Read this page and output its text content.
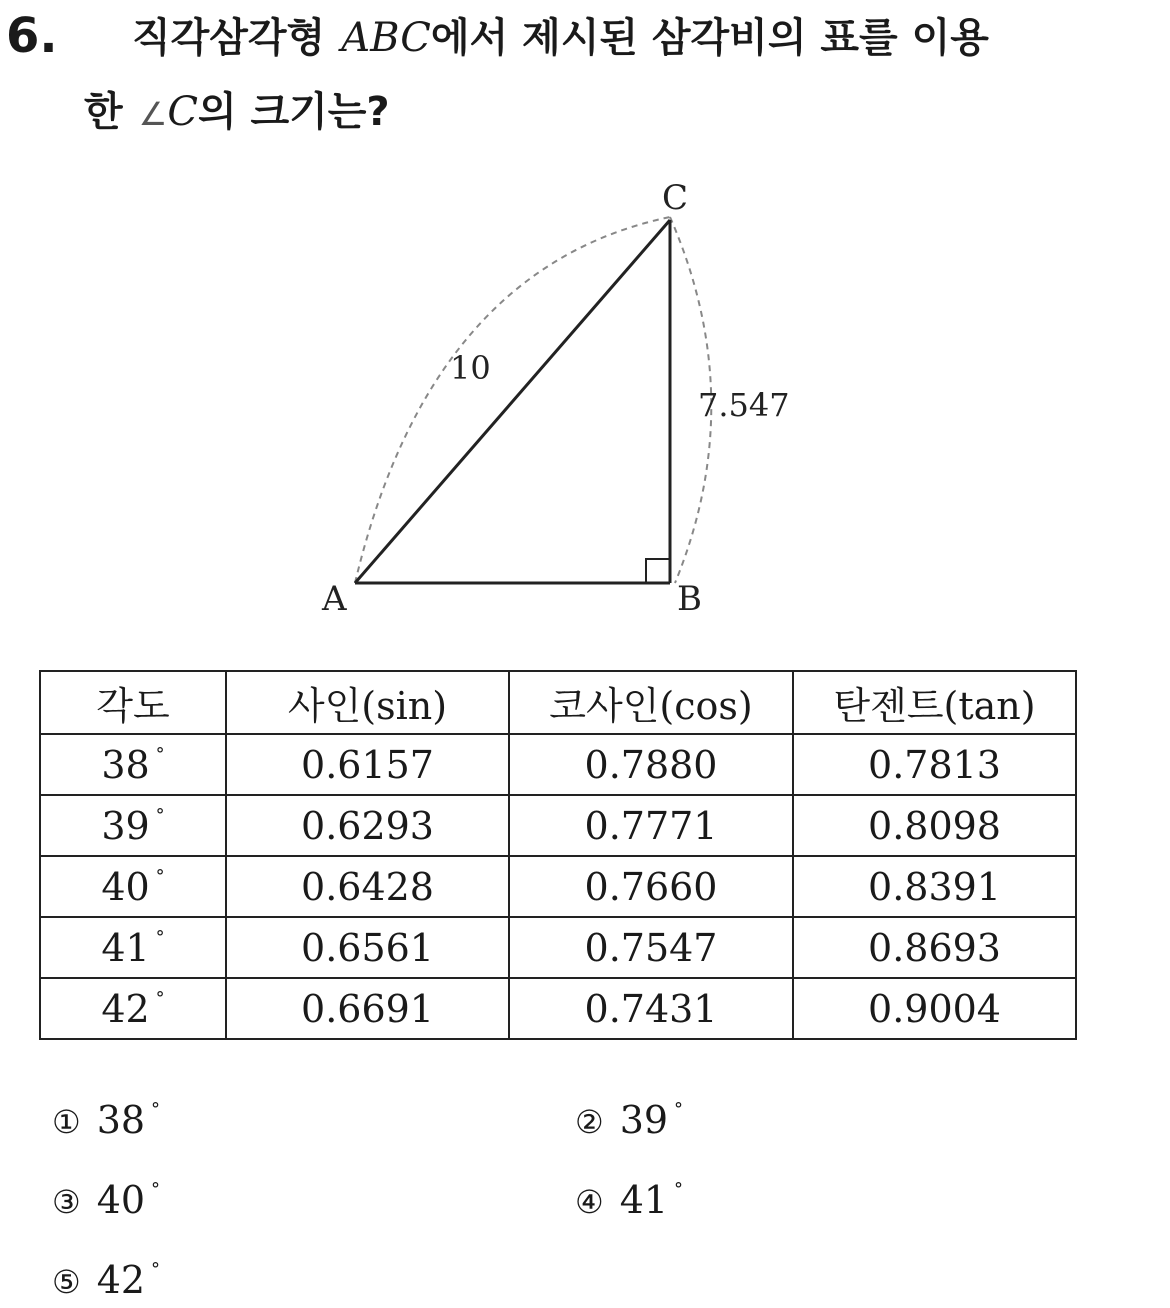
6. 직각삼각형 ABC에서 제시된 삼각비의 표를 이용
한 ∠C의 크기는?
C
A	B
10
7.547
각도	사인(sin)	코사인(cos)	탄젠트(tan)
38 °	0.6157	0.7880	0.7813
39 °	0.6293	0.7771	0.8098
40 °	0.6428	0.7660	0.8391
41 °	0.6561	0.7547	0.8693
42 °	0.6691	0.7431	0.9004
① 38 °	② 39 °
③ 40 °	④ 41 °
⑤ 42 °
